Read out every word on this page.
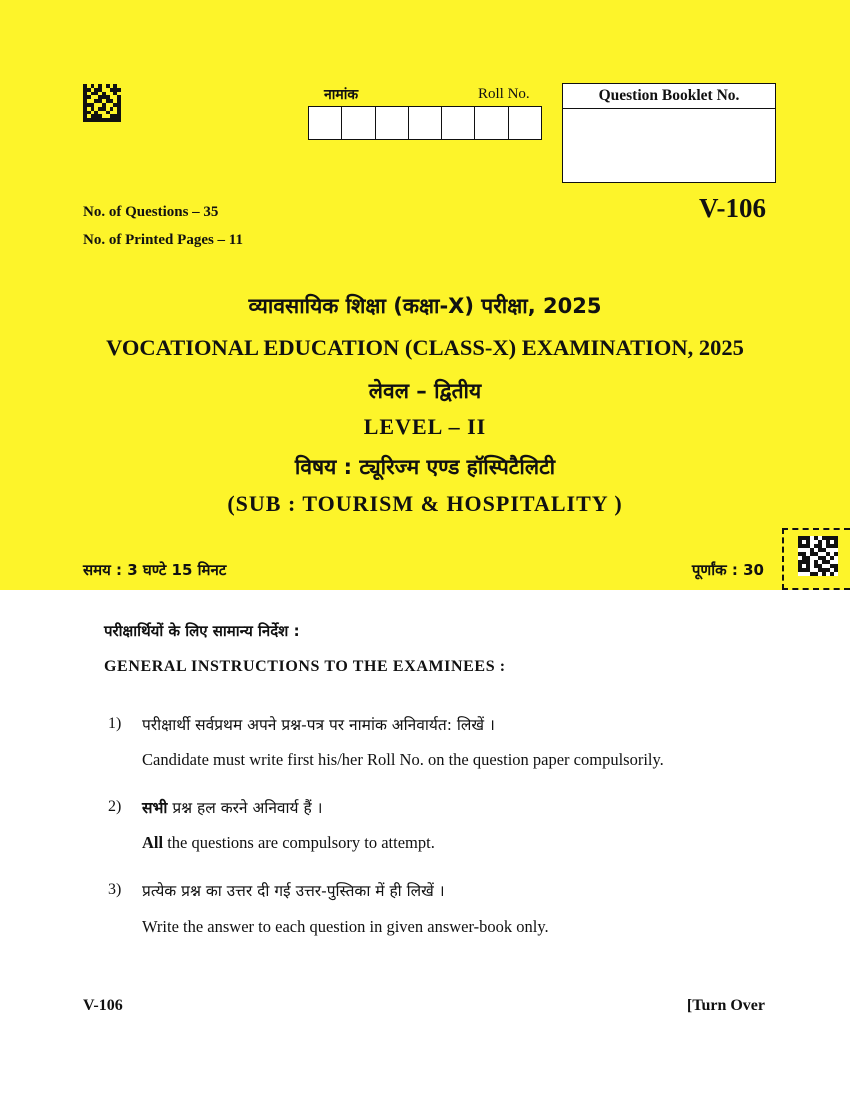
नामांक	Roll No.	Question Booklet No.
V-106
No. of Questions – 35
No. of Printed Pages – 11
व्यावसायिक शिक्षा (कक्षा-X) परीक्षा, 2025
VOCATIONAL EDUCATION (CLASS-X) EXAMINATION, 2025
लेवल – द्वितीय
LEVEL – II
विषय : ट्यूरिज्म एण्ड हॉस्पिटैलिटी
(SUB : TOURISM & HOSPITALITY )
समय : 3 घण्टे 15 मिनट	पूर्णांक : 30
परीक्षार्थियों के लिए सामान्य निर्देश :
GENERAL INSTRUCTIONS TO THE EXAMINEES :
1) परीक्षार्थी सर्वप्रथम अपने प्रश्न-पत्र पर नामांक अनिवार्यत: लिखें ।
Candidate must write first his/her Roll No. on the question paper compulsorily.
2) सभी प्रश्न हल करने अनिवार्य हैं ।
All the questions are compulsory to attempt.
3) प्रत्येक प्रश्न का उत्तर दी गई उत्तर-पुस्तिका में ही लिखें ।
Write the answer to each question in given answer-book only.
V-106	[Turn Over
